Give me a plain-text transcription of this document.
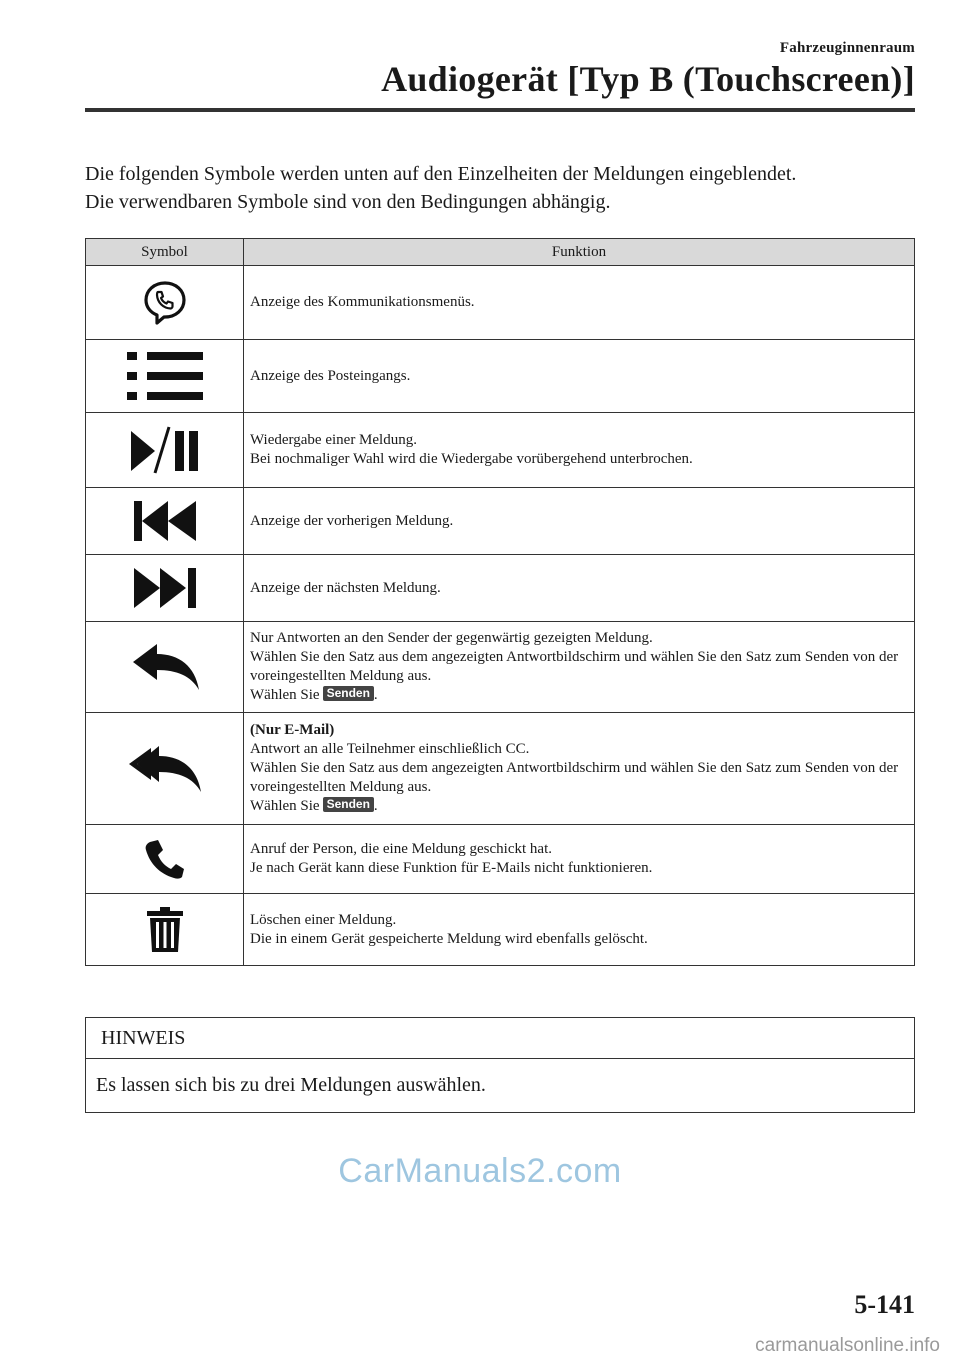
Fahrzeuginnenraum
Audiogerät [Typ B (Touchscreen)]

Die folgenden Symbole werden unten auf den Einzelheiten der Meldungen eingeblendet.

Die verwendbaren Symbole sind von den Bedingungen abhängig.

Symbol	Funktion

Anzeige des Kommunikationsmenüs.

Anzeige des Posteingangs.

Wiedergabe einer Meldung.
Bei nochmaliger Wahl wird die Wiedergabe vorübergehend unterbrochen.

Anzeige der vorherigen Meldung.

Anzeige der nächsten Meldung.

Nur Antworten an den Sender der gegenwärtig gezeigten Meldung.
Wählen Sie den Satz aus dem angezeigten Antwortbildschirm und wählen Sie den Satz zum Senden von der voreingestellten Meldung aus.
Wählen Sie Senden .

(Nur E-Mail)
Antwort an alle Teilnehmer einschließlich CC.
Wählen Sie den Satz aus dem angezeigten Antwortbildschirm und wählen Sie den Satz zum Senden von der voreingestellten Meldung aus.
Wählen Sie Senden .

Anruf der Person, die eine Meldung geschickt hat.
Je nach Gerät kann diese Funktion für E-Mails nicht funktionieren.

Löschen einer Meldung.
Die in einem Gerät gespeicherte Meldung wird ebenfalls gelöscht.
HINWEIS
Es lassen sich bis zu drei Meldungen auswählen.
CarManuals2.com
5-141
carmanualsonline.info
